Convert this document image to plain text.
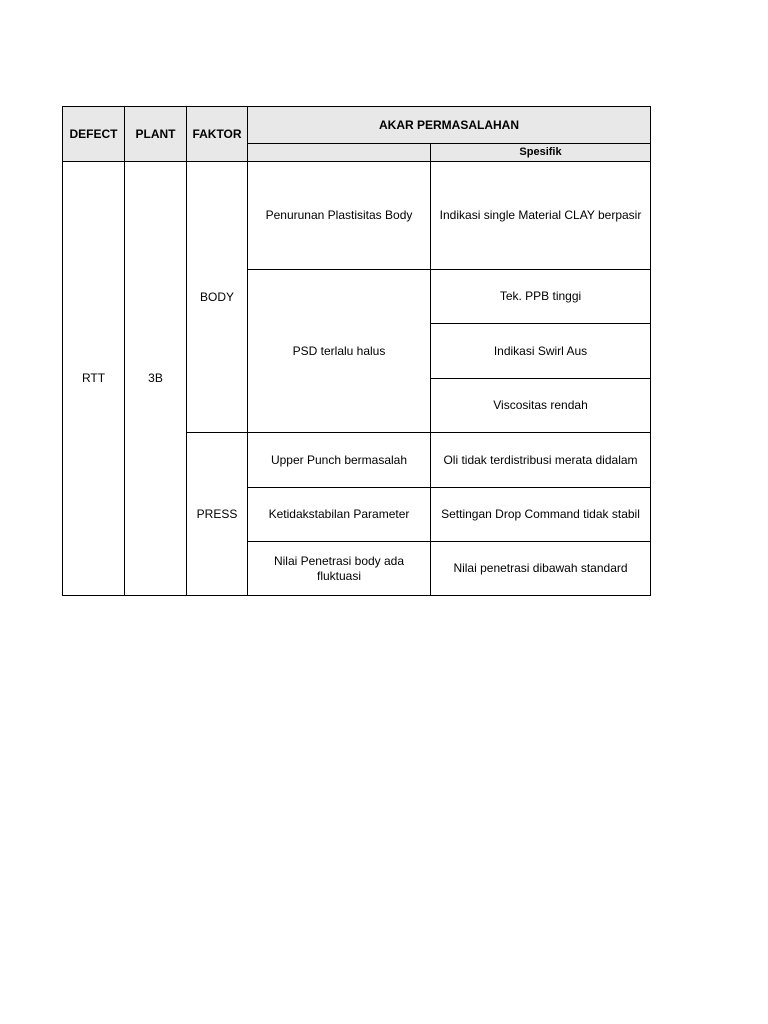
DEFECT	PLANT	FAKTOR	AKAR PERMASALAHAN	
				Spesifik
RTT	3B	BODY	Penurunan Plastisitas Body	Indikasi single Material CLAY berpasir
			PSD terlalu halus	Tek. PPB tinggi
				Indikasi Swirl Aus
				Viscositas rendah
		PRESS	Upper Punch bermasalah	Oli tidak terdistribusi merata didalam
			Ketidakstabilan Parameter	Settingan Drop Command tidak stabil
			Nilai Penetrasi body ada fluktuasi	Nilai penetrasi dibawah standard
